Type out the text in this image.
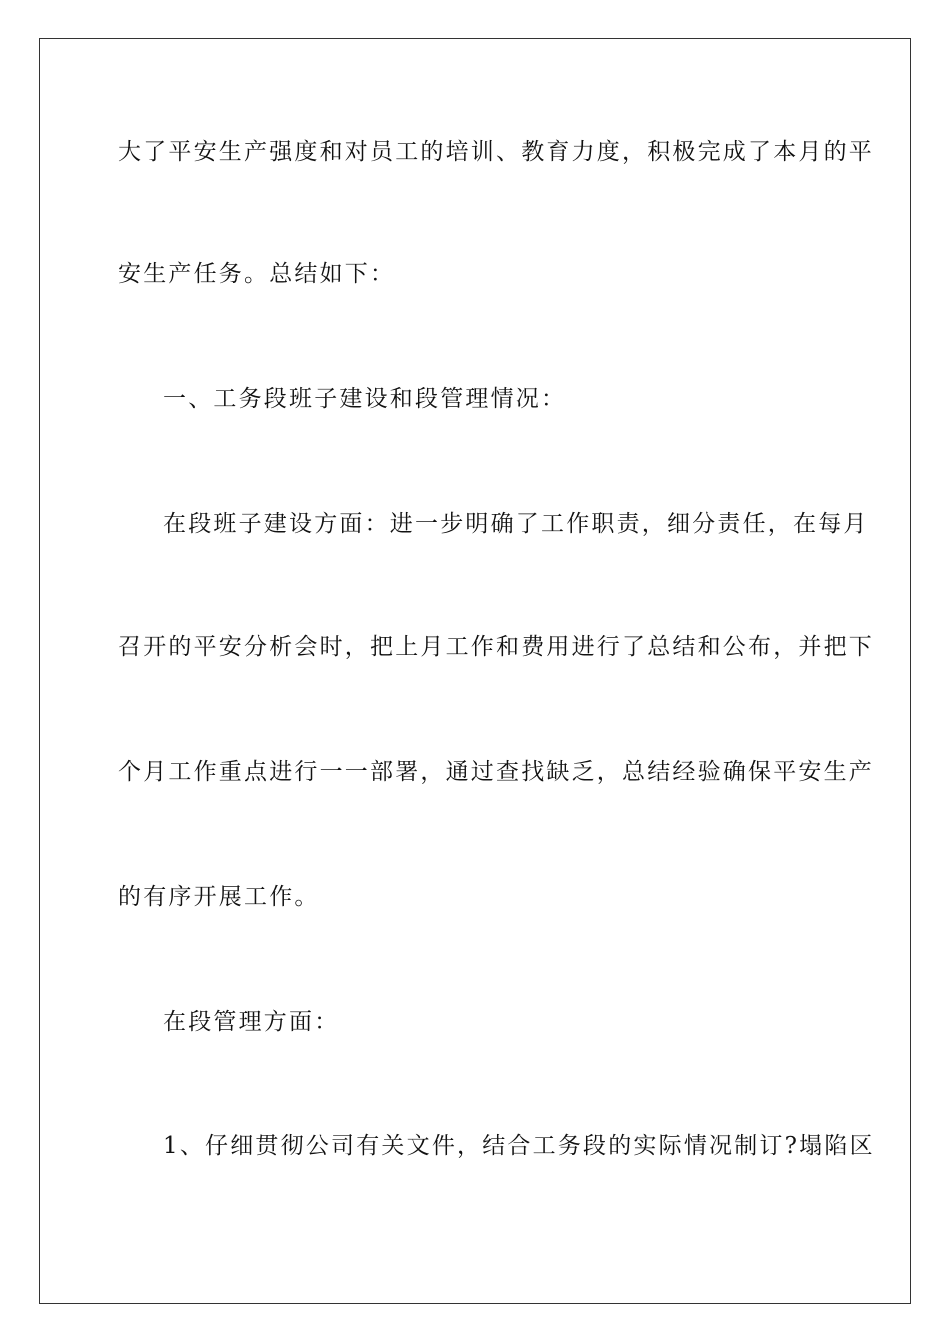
大了平安生产强度和对员工的培训、教育力度，积极完成了本月的平
安生产任务。总结如下：
一、工务段班子建设和段管理情况：
在段班子建设方面：进一步明确了工作职责，细分责任，在每月
召开的平安分析会时，把上月工作和费用进行了总结和公布，并把下
个月工作重点进行一一部署，通过查找缺乏，总结经验确保平安生产
的有序开展工作。
在段管理方面：
1、仔细贯彻公司有关文件，结合工务段的实际情况制订?塌陷区
